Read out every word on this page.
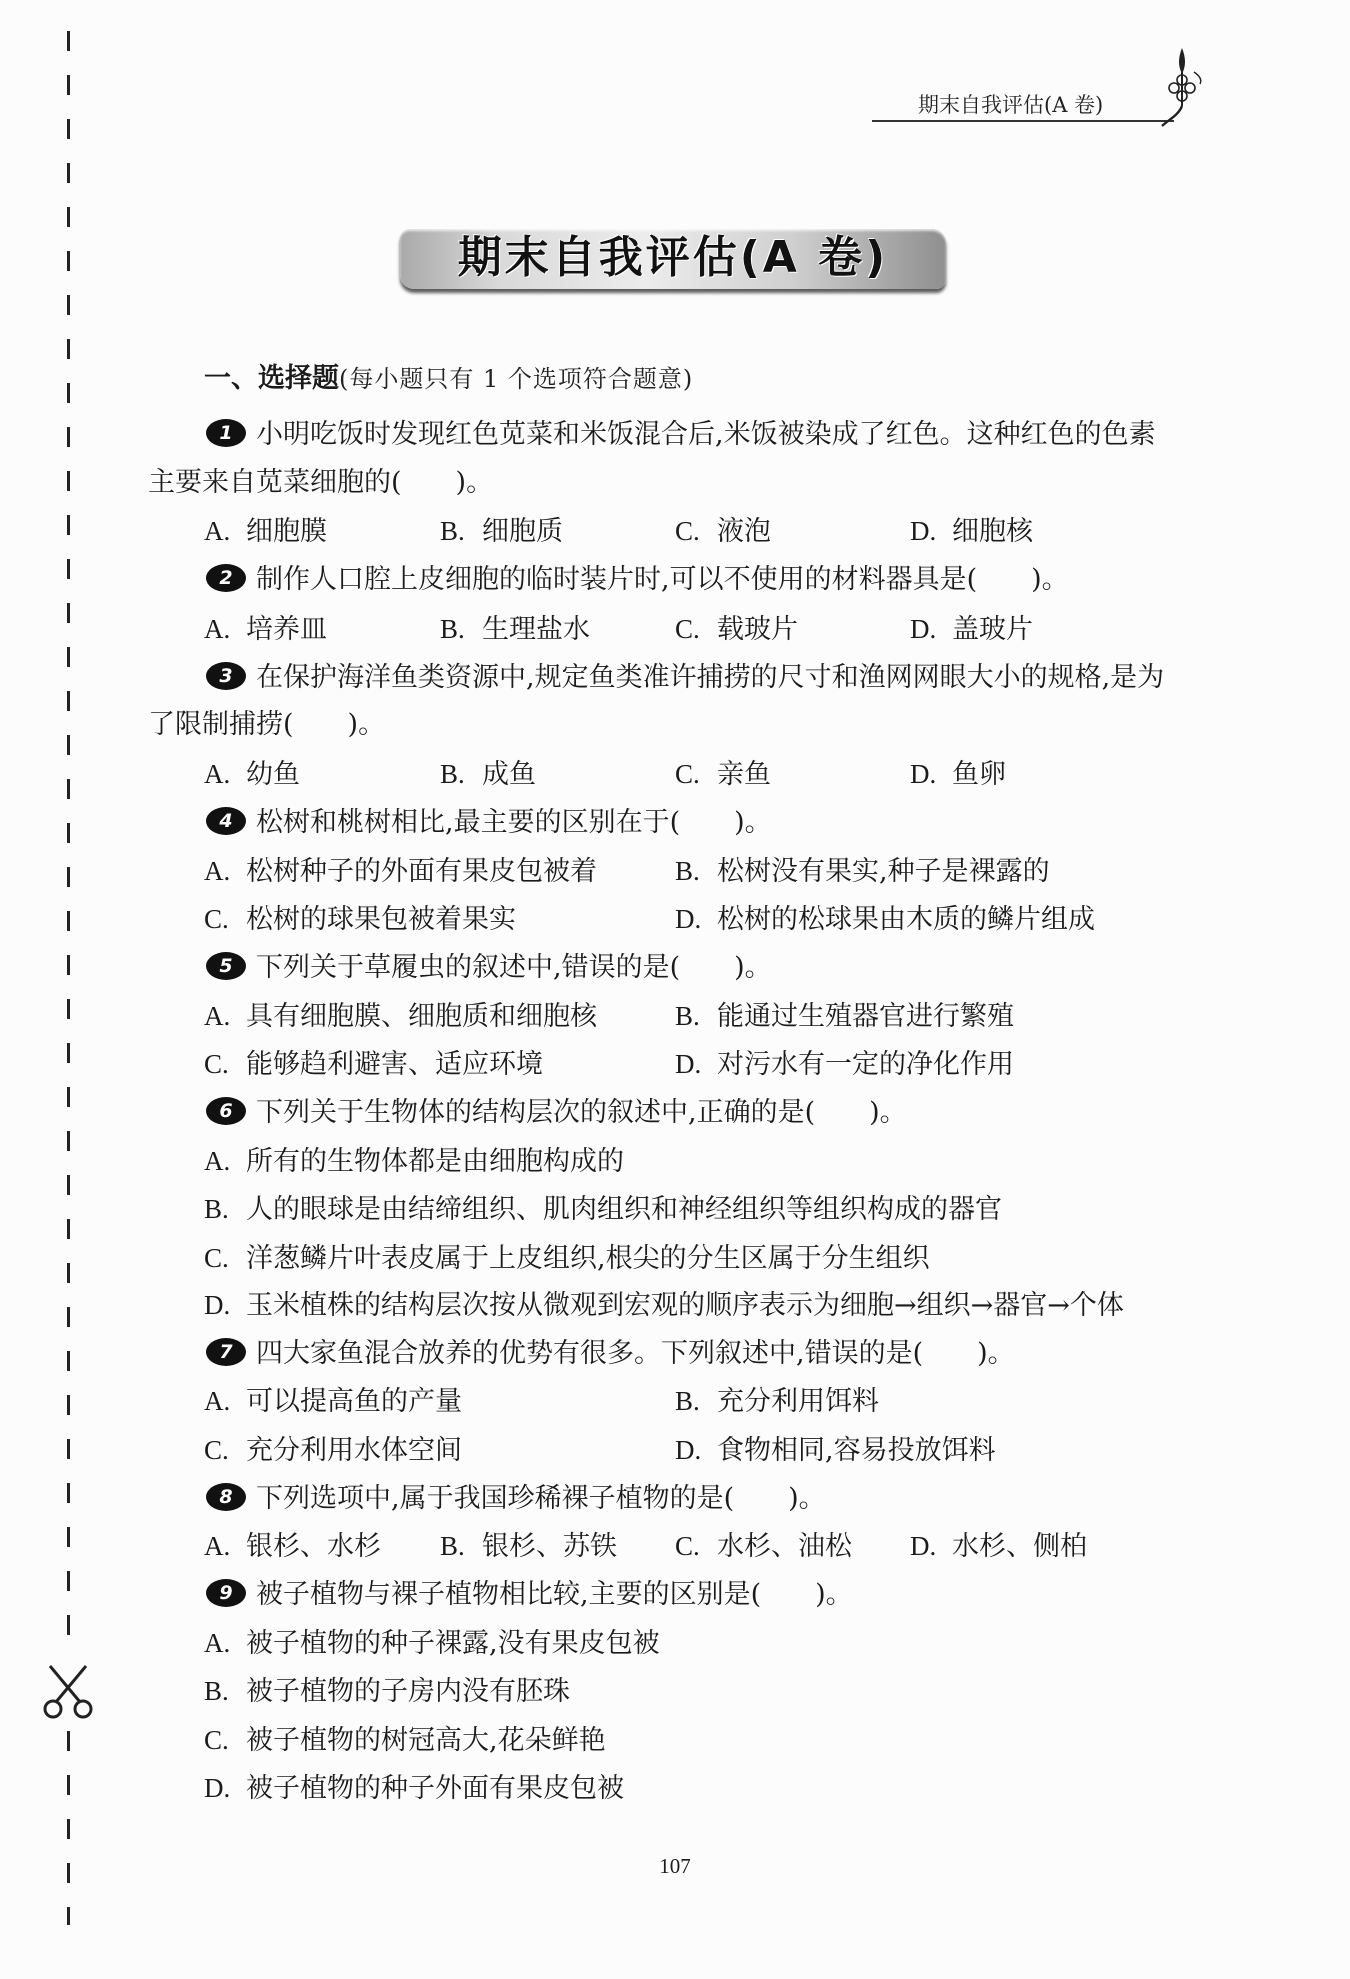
期末自我评估(A 卷)
期末自我评估(A 卷)
一、选择题(每小题只有 1 个选项符合题意)
1 小明吃饭时发现红色苋菜和米饭混合后,米饭被染成了红色。这种红色的色素
主要来自苋菜细胞的(　　)。
A. 细胞膜	B. 细胞质	C. 液泡	D. 细胞核
2 制作人口腔上皮细胞的临时装片时,可以不使用的材料器具是(　　)。
A. 培养皿	B. 生理盐水	C. 载玻片	D. 盖玻片
3 在保护海洋鱼类资源中,规定鱼类准许捕捞的尺寸和渔网网眼大小的规格,是为
了限制捕捞(　　)。
A. 幼鱼	B. 成鱼	C. 亲鱼	D. 鱼卵
4 松树和桃树相比,最主要的区别在于(　　)。
A. 松树种子的外面有果皮包被着	B. 松树没有果实,种子是裸露的
C. 松树的球果包被着果实	D. 松树的松球果由木质的鳞片组成
5 下列关于草履虫的叙述中,错误的是(　　)。
A. 具有细胞膜、细胞质和细胞核	B. 能通过生殖器官进行繁殖
C. 能够趋利避害、适应环境	D. 对污水有一定的净化作用
6 下列关于生物体的结构层次的叙述中,正确的是(　　)。
A. 所有的生物体都是由细胞构成的
B. 人的眼球是由结缔组织、肌肉组织和神经组织等组织构成的器官
C. 洋葱鳞片叶表皮属于上皮组织,根尖的分生区属于分生组织
D. 玉米植株的结构层次按从微观到宏观的顺序表示为细胞→组织→器官→个体
7 四大家鱼混合放养的优势有很多。下列叙述中,错误的是(　　)。
A. 可以提高鱼的产量	B. 充分利用饵料
C. 充分利用水体空间	D. 食物相同,容易投放饵料
8 下列选项中,属于我国珍稀裸子植物的是(　　)。
A. 银杉、水杉 B. 银杉、苏铁 C. 水杉、油松 D. 水杉、侧柏
9 被子植物与裸子植物相比较,主要的区别是(　　)。
A. 被子植物的种子裸露,没有果皮包被
B. 被子植物的子房内没有胚珠
C. 被子植物的树冠高大,花朵鲜艳
D. 被子植物的种子外面有果皮包被
107
